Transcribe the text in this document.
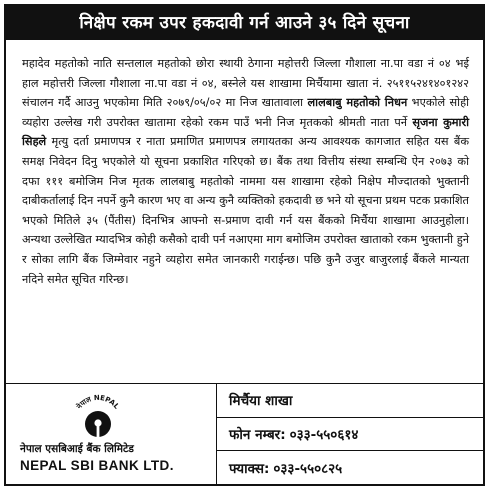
निक्षेप रकम उपर हकदावी गर्न आउने ३५ दिने सूचना
महादेव महतोको नाति सन्तलाल महतोको छोरा स्थायी ठेगाना महोत्तरी जिल्ला गौशाला ना.पा वडा नं ०४ भई हाल महोत्तरी जिल्ला गौशाला ना.पा वडा नं ०४, बस्नेले यस शाखामा मिर्चैयामा खाता नं. २५११५२४१४०१२४२ संचालन गर्दै आउनु भएकोमा मिति २०७९/०५/०२ मा निज खातावाला लालबाबु महतोको निधन भएकोले सोही व्यहोरा उल्लेख गरी उपरोक्त खातामा रहेको रकम पाउँ भनी निज मृतकको श्रीमती नाता पर्ने सृजना कुमारी सिहले मृत्यु दर्ता प्रमाणपत्र र नाता प्रमाणित प्रमाणपत्र लगायतका अन्य आवश्यक कागजात सहित यस बैंक समक्ष निवेदन दिनु भएकोले यो सूचना प्रकाशित गरिएको छ। बैंक तथा वित्तीय संस्था सम्बन्धि ऐन २०७३ को दफा १११ बमोजिम निज मृतक लालबाबु महतोको नाममा यस शाखामा रहेको निक्षेप मौज्दातको भुक्तानी दाबीकर्तालाई दिन नपर्ने कुनै कारण भए वा अन्य कुनै व्यक्तिको हकदावी छ भने यो सूचना प्रथम पटक प्रकाशित भएको मितिले ३५ (पैंतीस) दिनभित्र आफ्नो स-प्रमाण दावी गर्न यस बैंकको मिर्चैया शाखामा आउनुहोला। अन्यथा उल्लेखित म्यादभित्र कोही कसैको दावी पर्न नआएमा माग बमोजिम उपरोक्त खाताको रकम भुक्तानी हुने र सोका लागि बैंक जिम्मेवार नहुने व्यहोरा समेत जानकारी गराईन्छ। पछि कुनै उजुर बाजुरलाई बैंकले मान्यता नदिने समेत सूचित गरिन्छ।
नेपाल NEPAL
नेपाल एसबिआई बैंक लिमिटेड
NEPAL SBI BANK LTD.
मिर्चैया शाखा
फोन नम्बर: ०३३-५५०६१४
फ्याक्स: ०३३-५५०८२५
